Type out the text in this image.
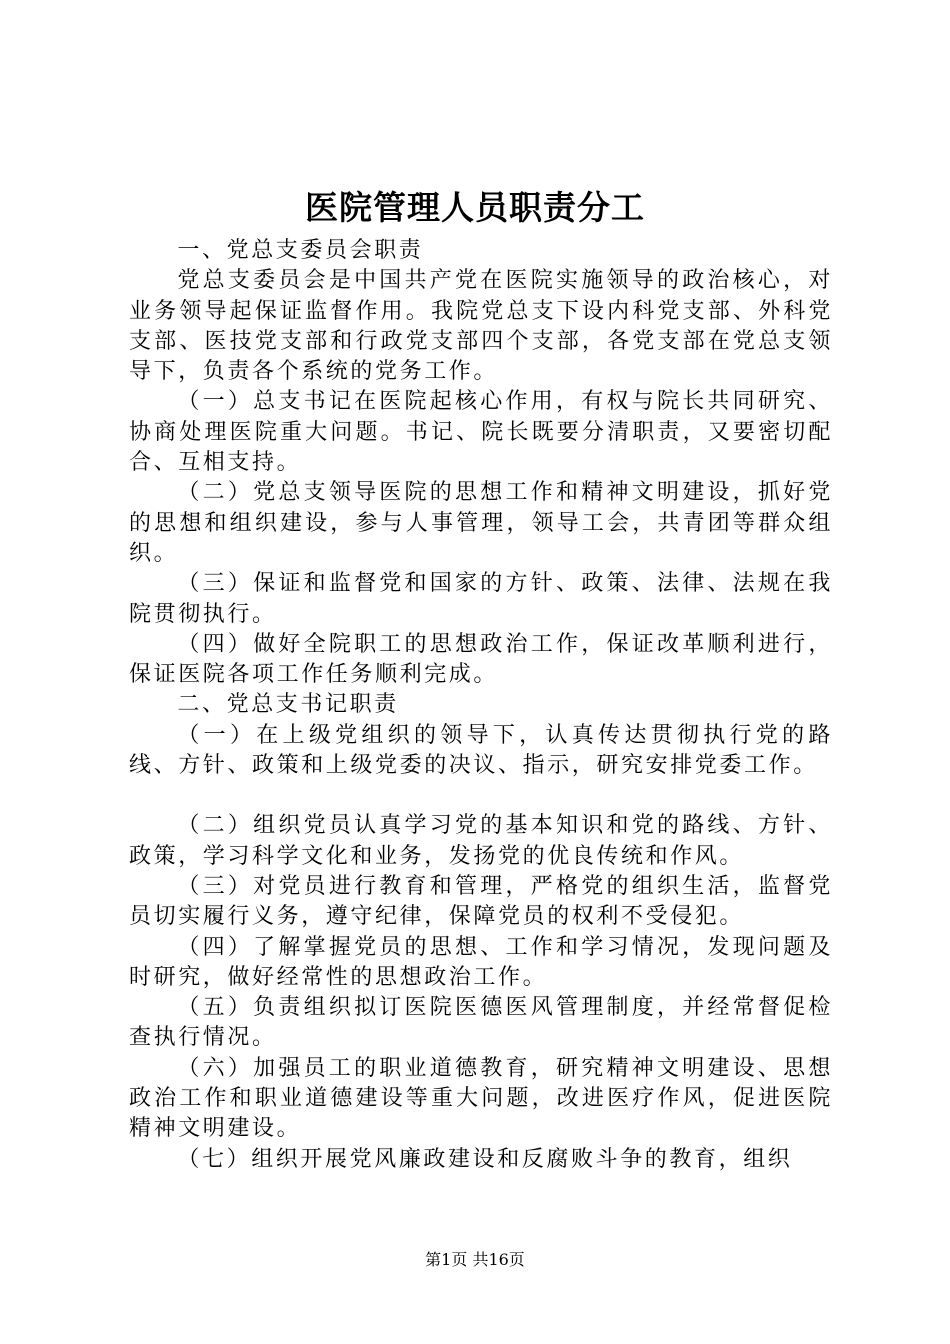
医院管理人员职责分工

一、党总支委员会职责

党总支委员会是中国共产党在医院实施领导的政治核心，对业务领导起保证监督作用。我院党总支下设内科党支部、外科党支部、医技党支部和行政党支部四个支部，各党支部在党总支领导下，负责各个系统的党务工作。

（一）总支书记在医院起核心作用，有权与院长共同研究、协商处理医院重大问题。书记、院长既要分清职责，又要密切配合、互相支持。

（二）党总支领导医院的思想工作和精神文明建设，抓好党的思想和组织建设，参与人事管理，领导工会，共青团等群众组织。

（三）保证和监督党和国家的方针、政策、法律、法规在我院贯彻执行。

（四）做好全院职工的思想政治工作，保证改革顺利进行，保证医院各项工作任务顺利完成。

二、党总支书记职责

（一）在上级党组织的领导下，认真传达贯彻执行党的路线、方针、政策和上级党委的决议、指示，研究安排党委工作。

（二）组织党员认真学习党的基本知识和党的路线、方针、政策，学习科学文化和业务，发扬党的优良传统和作风。

（三）对党员进行教育和管理，严格党的组织生活，监督党员切实履行义务，遵守纪律，保障党员的权利不受侵犯。

（四）了解掌握党员的思想、工作和学习情况，发现问题及时研究，做好经常性的思想政治工作。

（五）负责组织拟订医院医德医风管理制度，并经常督促检查执行情况。

（六）加强员工的职业道德教育，研究精神文明建设、思想政治工作和职业道德建设等重大问题，改进医疗作风，促进医院精神文明建设。

（七）组织开展党风廉政建设和反腐败斗争的教育，组织

第1页 共16页
